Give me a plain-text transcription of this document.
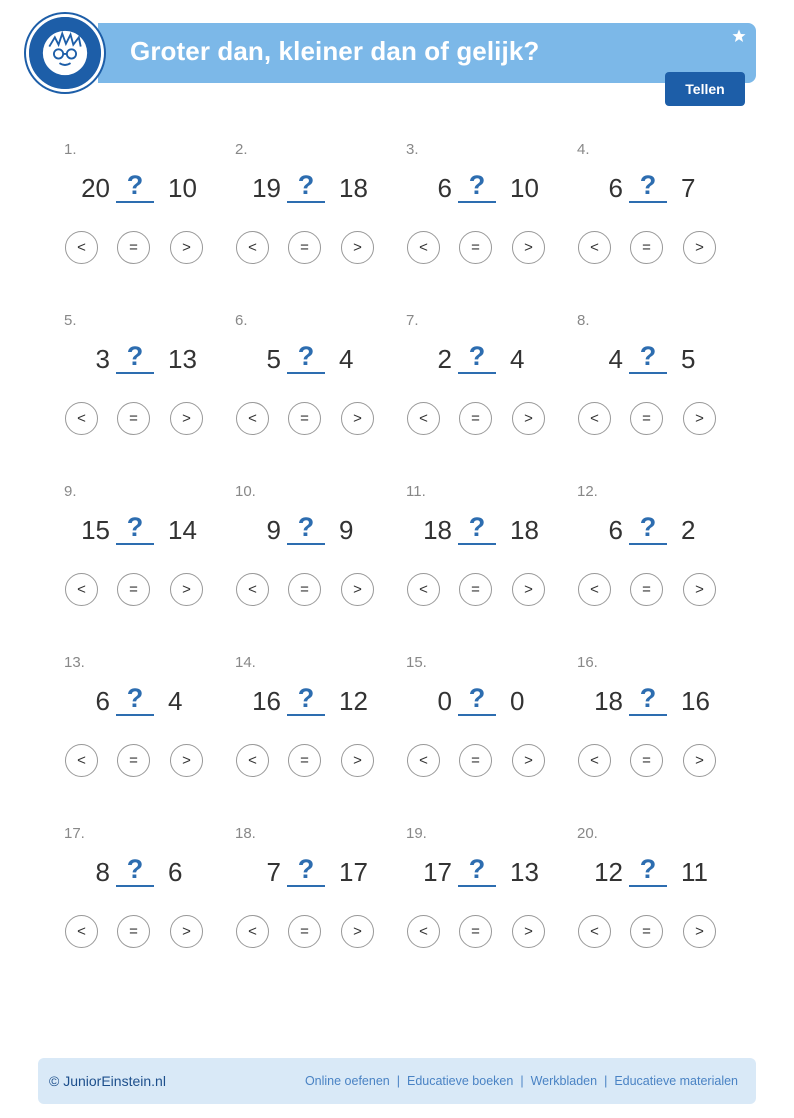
Groter dan, kleiner dan of gelijk?
Tellen
1.
20 ? 10
<	=	>
2.
19 ? 18
<	=	>
3.
6 ? 10
<	=	>
4.
6 ? 7
<	=	>
5.
3 ? 13
<	=	>
6.
5 ? 4
<	=	>
7.
2 ? 4
<	=	>
8.
4 ? 5
<	=	>
9.
15 ? 14
<	=	>
10.
9 ? 9
<	=	>
11.
18 ? 18
<	=	>
12.
6 ? 2
<	=	>
13.
6 ? 4
<	=	>
14.
16 ? 12
<	=	>
15.
0 ? 0
<	=	>
16.
18 ? 16
<	=	>
17.
8 ? 6
<	=	>
18.
7 ? 17
<	=	>
19.
17 ? 13
<	=	>
20.
12 ? 11
<	=	>
© JuniorEinstein.nl	Online oefenen | Educatieve boeken | Werkbladen | Educatieve materialen
